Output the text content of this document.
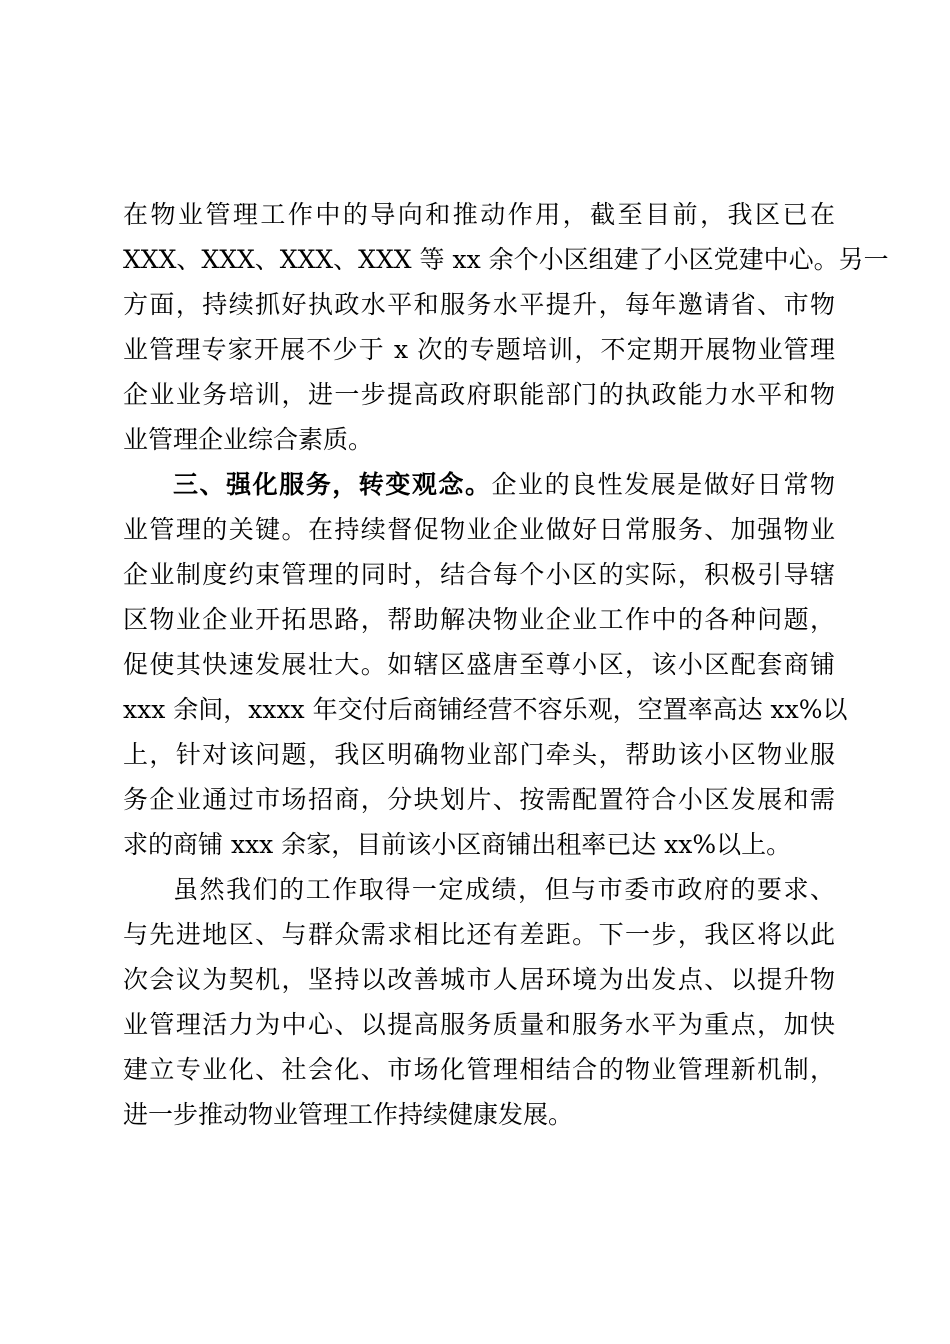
在物业管理工作中的导向和推动作用，截至目前，我区已在
XXX、XXX、XXX、XXX 等 xx 余个小区组建了小区党建中心。另一
方面，持续抓好执政水平和服务水平提升，每年邀请省、市物
业管理专家开展不少于 x 次的专题培训，不定期开展物业管理
企业业务培训，进一步提高政府职能部门的执政能力水平和物
业管理企业综合素质。
三、强化服务，转变观念。企业的良性发展是做好日常物
业管理的关键。在持续督促物业企业做好日常服务、加强物业
企业制度约束管理的同时，结合每个小区的实际，积极引导辖
区物业企业开拓思路，帮助解决物业企业工作中的各种问题，
促使其快速发展壮大。如辖区盛唐至尊小区，该小区配套商铺
xxx 余间，xxxx 年交付后商铺经营不容乐观，空置率高达 xx%以
上，针对该问题，我区明确物业部门牵头，帮助该小区物业服
务企业通过市场招商，分块划片、按需配置符合小区发展和需
求的商铺 xxx 余家，目前该小区商铺出租率已达 xx%以上。
虽然我们的工作取得一定成绩，但与市委市政府的要求、
与先进地区、与群众需求相比还有差距。下一步，我区将以此
次会议为契机，坚持以改善城市人居环境为出发点、以提升物
业管理活力为中心、以提高服务质量和服务水平为重点，加快
建立专业化、社会化、市场化管理相结合的物业管理新机制，
进一步推动物业管理工作持续健康发展。
